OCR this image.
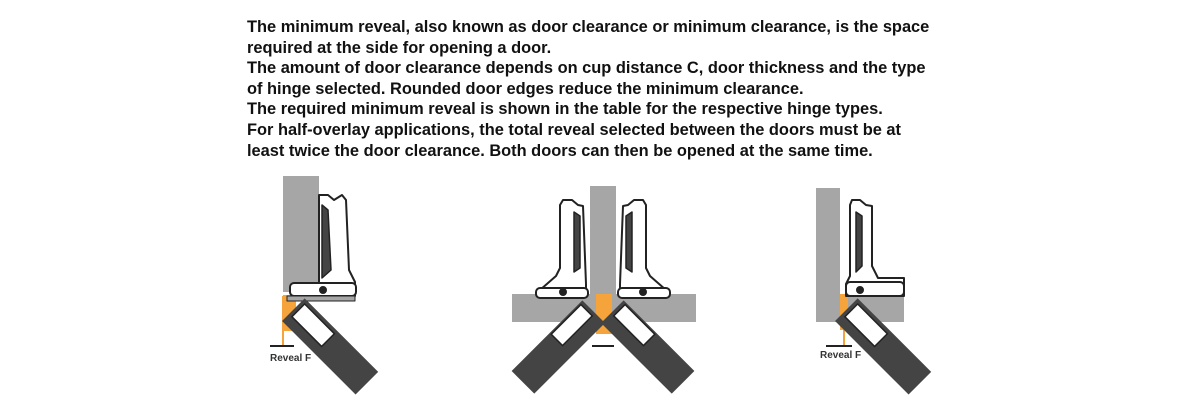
The minimum reveal, also known as door clearance or minimum clearance, is the space
required at the side for opening a door.
The amount of door clearance depends on cup distance C, door thickness and the type
of hinge selected. Rounded door edges reduce the minimum clearance.
The required minimum reveal is shown in the table for the respective hinge types.
For half-overlay applications, the total reveal selected between the doors must be at
least twice the door clearance. Both doors can then be opened at the same time.
Reveal F	Reveal F
